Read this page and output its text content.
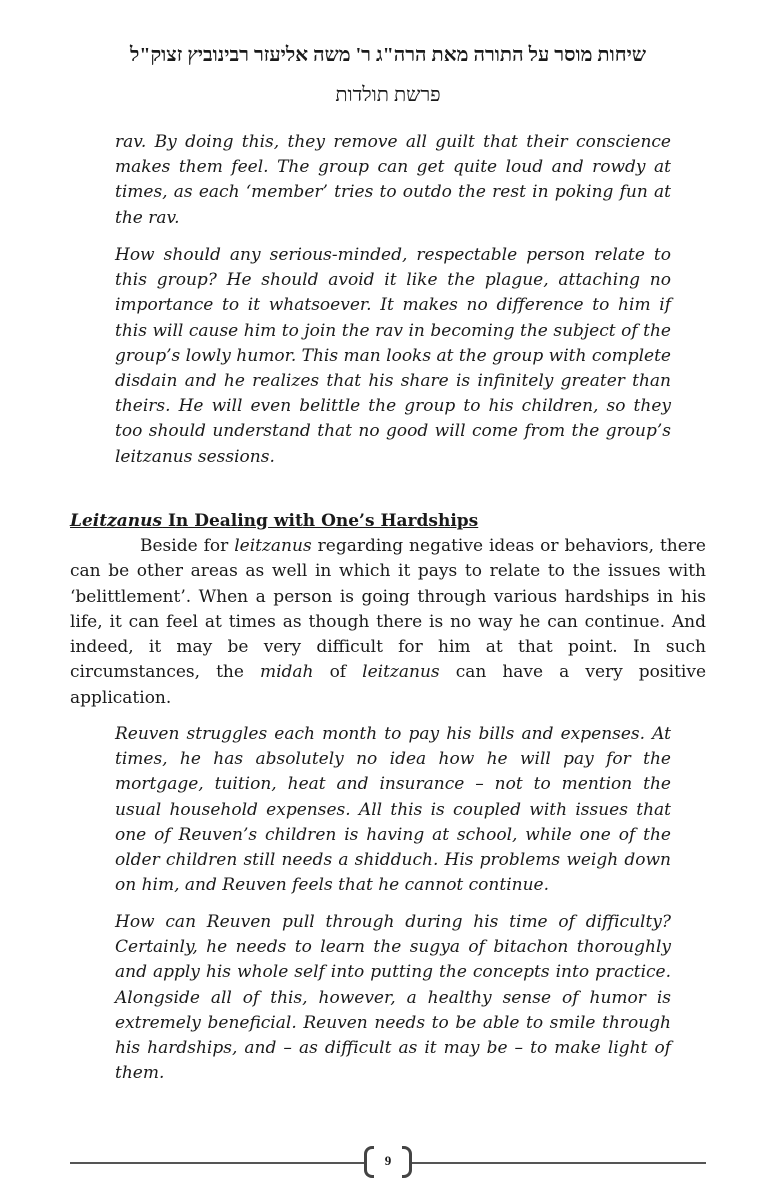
שיחות מוסר על התורה מאת הרה"ג ר' משה אליעזר רבינוביץ זצוק"ל
פרשת תולדות

rav. By doing this, they remove all guilt that their conscience makes them feel. The group can get quite loud and rowdy at times, as each ‘member’ tries to outdo the rest in poking fun at the rav.

How should any serious-minded, respectable person relate to this group? He should avoid it like the plague, attaching no importance to it whatsoever. It makes no difference to him if this will cause him to join the rav in becoming the subject of the group’s lowly humor. This man looks at the group with complete disdain and he realizes that his share is infinitely greater than theirs. He will even belittle the group to his children, so they too should understand that no good will come from the group’s leitzanus sessions.

Leitzanus In Dealing with One’s Hardships

Beside for leitzanus regarding negative ideas or behaviors, there can be other areas as well in which it pays to relate to the issues with ‘belittlement’. When a person is going through various hardships in his life, it can feel at times as though there is no way he can continue. And indeed, it may be very difficult for him at that point. In such circumstances, the midah of leitzanus can have a very positive application.

Reuven struggles each month to pay his bills and expenses. At times, he has absolutely no idea how he will pay for the mortgage, tuition, heat and insurance – not to mention the usual household expenses. All this is coupled with issues that one of Reuven’s children is having at school, while one of the older children still needs a shidduch. His problems weigh down on him, and Reuven feels that he cannot continue.

How can Reuven pull through during his time of difficulty? Certainly, he needs to learn the sugya of bitachon thoroughly and apply his whole self into putting the concepts into practice. Alongside all of this, however, a healthy sense of humor is extremely beneficial. Reuven needs to be able to smile through his hardships, and – as difficult as it may be – to make light of them.

9
